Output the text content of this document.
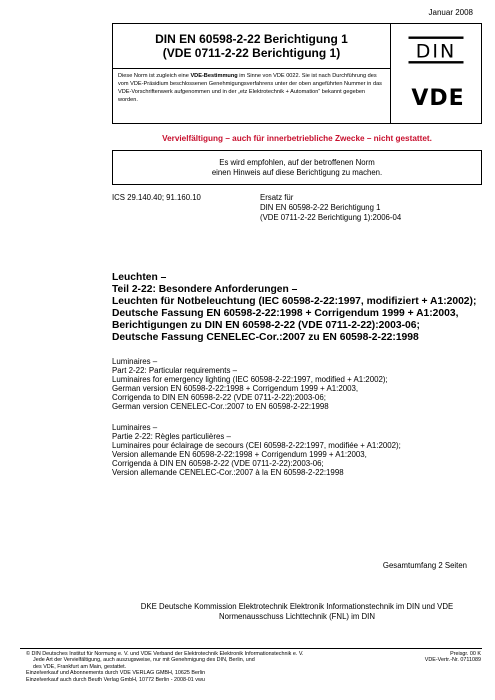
Januar 2008
DIN EN 60598-2-22 Berichtigung 1
(VDE 0711-2-22 Berichtigung 1)
Diese Norm ist zugleich eine VDE-Bestimmung im Sinne von VDE 0022. Sie ist nach Durchführung des vom VDE-Präsidium beschlossenen Genehmigungsverfahrens unter der oben angeführten Nummer in das VDE-Vorschriftenwerk aufgenommen und in der „etz Elektrotechnik + Automation“ bekannt gegeben worden.
DIN
VDE
Vervielfältigung – auch für innerbetriebliche Zwecke – nicht gestattet.
Es wird empfohlen, auf der betroffenen Norm
einen Hinweis auf diese Berichtigung zu machen.
ICS 29.140.40; 91.160.10	Ersatz für
DIN EN 60598-2-22 Berichtigung 1
(VDE 0711-2-22 Berichtigung 1):2006-04
Leuchten –
Teil 2-22: Besondere Anforderungen –
Leuchten für Notbeleuchtung (IEC 60598-2-22:1997, modifiziert + A1:2002);
Deutsche Fassung EN 60598-2-22:1998 + Corrigendum 1999 + A1:2003,
Berichtigungen zu DIN EN 60598-2-22 (VDE 0711-2-22):2003-06;
Deutsche Fassung CENELEC-Cor.:2007 zu EN 60598-2-22:1998
Luminaires –
Part 2-22: Particular requirements –
Luminaires for emergency lighting (IEC 60598-2-22:1997, modified + A1:2002);
German version EN 60598-2-22:1998 + Corrigendum 1999 + A1:2003,
Corrigenda to DIN EN 60598-2-22 (VDE 0711-2-22):2003-06;
German version CENELEC-Cor.:2007 to EN 60598-2-22:1998
Luminaires –
Partie 2-22: Règles particulières –
Luminaires pour éclairage de secours (CEI 60598-2-22:1997, modifiée + A1:2002);
Version allemande EN 60598-2-22:1998 + Corrigendum 1999 + A1:2003,
Corrigenda à DIN EN 60598-2-22 (VDE 0711-2-22):2003-06;
Version allemande CENELEC-Cor.:2007 à la EN 60598-2-22:1998
Gesamtumfang 2 Seiten
DKE Deutsche Kommission Elektrotechnik Elektronik Informationstechnik im DIN und VDE
Normenausschuss Lichttechnik (FNL) im DIN
© DIN Deutsches Institut für Normung e. V. und VDE Verband der Elektrotechnik Elektronik Informationstechnik e. V.
Jede Art der Vervielfältigung, auch auszugsweise, nur mit Genehmigung des DIN, Berlin, und
des VDE, Frankfurt am Main, gestattet.
Einzelverkauf und Abonnements durch VDE VERLAG GMBH, 10625 Berlin
Einzelverkauf auch durch Beuth Verlag GmbH, 10772 Berlin - 2008-01 vwu
Preisgr. 00 K
VDE-Vertr.-Nr. 0711089
